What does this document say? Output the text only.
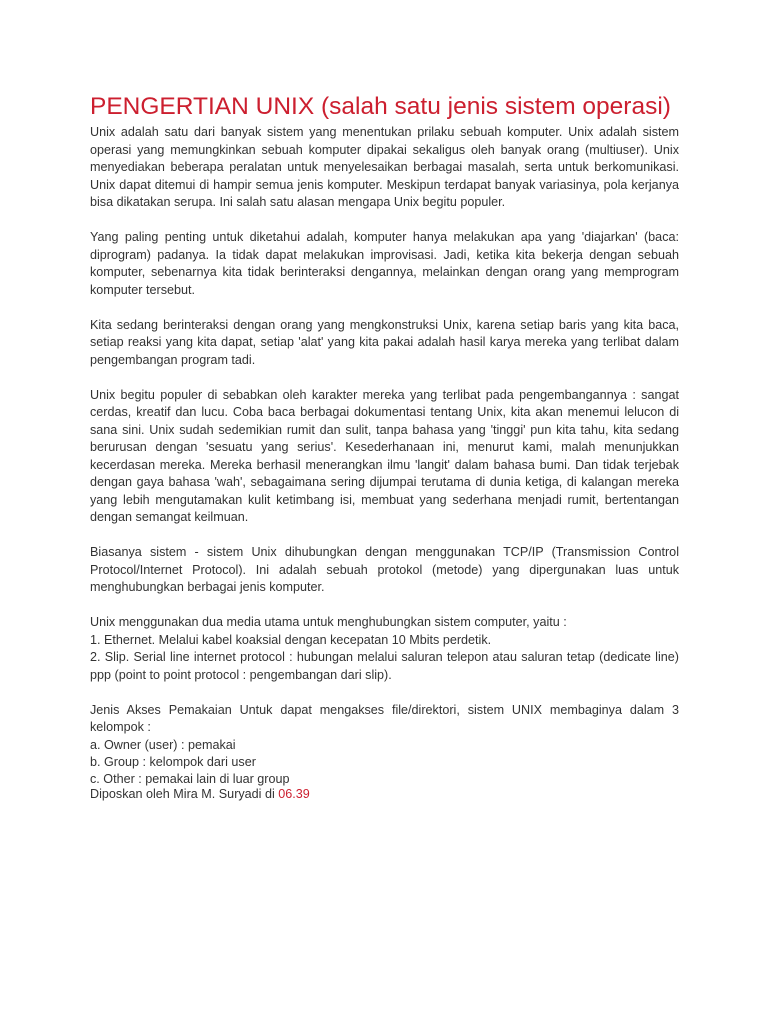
PENGERTIAN UNIX (salah satu jenis sistem operasi)

Unix adalah satu dari banyak sistem yang menentukan prilaku sebuah komputer. Unix adalah sistem operasi yang memungkinkan sebuah komputer dipakai sekaligus oleh banyak orang (multiuser). Unix menyediakan beberapa peralatan untuk menyelesaikan berbagai masalah, serta untuk berkomunikasi. Unix dapat ditemui di hampir semua jenis komputer. Meskipun terdapat banyak variasinya, pola kerjanya bisa dikatakan serupa. Ini salah satu alasan mengapa Unix begitu populer.

Yang paling penting untuk diketahui adalah, komputer hanya melakukan apa yang 'diajarkan' (baca: diprogram) padanya. Ia tidak dapat melakukan improvisasi. Jadi, ketika kita bekerja dengan sebuah komputer, sebenarnya kita tidak berinteraksi dengannya, melainkan dengan orang yang memprogram komputer tersebut.

Kita sedang berinteraksi dengan orang yang mengkonstruksi Unix, karena setiap baris yang kita baca, setiap reaksi yang kita dapat, setiap 'alat' yang kita pakai adalah hasil karya mereka yang terlibat dalam pengembangan program tadi.

Unix begitu populer di sebabkan oleh karakter mereka yang terlibat pada pengembangannya : sangat cerdas, kreatif dan lucu. Coba baca berbagai dokumentasi tentang Unix, kita akan menemui lelucon di sana sini. Unix sudah sedemikian rumit dan sulit, tanpa bahasa yang 'tinggi' pun kita tahu, kita sedang berurusan dengan 'sesuatu yang serius'. Kesederhanaan ini, menurut kami, malah menunjukkan kecerdasan mereka. Mereka berhasil menerangkan ilmu 'langit' dalam bahasa bumi. Dan tidak terjebak dengan gaya bahasa 'wah', sebagaimana sering dijumpai terutama di dunia ketiga, di kalangan mereka yang lebih mengutamakan kulit ketimbang isi, membuat yang sederhana menjadi rumit, bertentangan dengan semangat keilmuan.

Biasanya sistem - sistem Unix dihubungkan dengan menggunakan TCP/IP (Transmission Control Protocol/Internet Protocol). Ini adalah sebuah protokol (metode) yang dipergunakan luas untuk menghubungkan berbagai jenis komputer.

Unix menggunakan dua media utama untuk menghubungkan sistem computer, yaitu :

1. Ethernet. Melalui kabel koaksial dengan kecepatan 10 Mbits perdetik.

2. Slip. Serial line internet protocol : hubungan melalui saluran telepon atau saluran tetap (dedicate line) ppp (point to point protocol : pengembangan dari slip).

Jenis Akses Pemakaian Untuk dapat mengakses file/direktori, sistem UNIX membaginya dalam 3 kelompok :

a. Owner (user) : pemakai

b. Group : kelompok dari user

c. Other : pemakai lain di luar group

Diposkan oleh Mira M. Suryadi di 06.39
